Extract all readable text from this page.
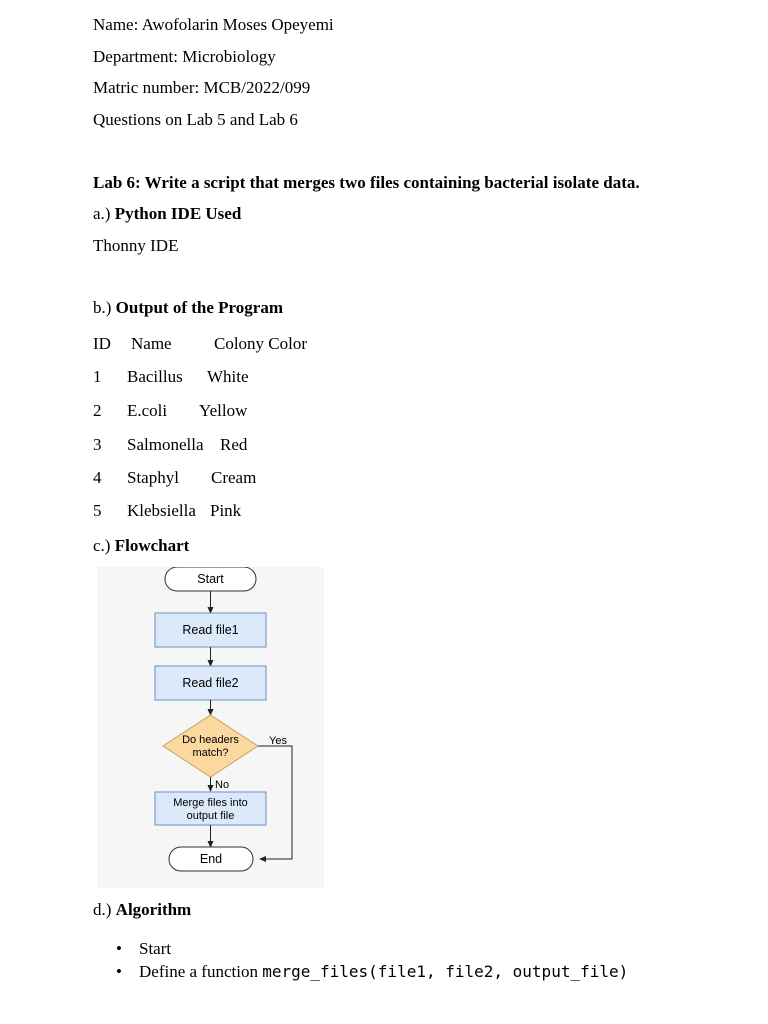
Name: Awofolarin Moses Opeyemi
Department: Microbiology
Matric number: MCB/2022/099
Questions on Lab 5 and Lab 6
Lab 6: Write a script that merges two files containing bacterial isolate data.
a.) Python IDE Used
Thonny IDE
b.) Output of the Program
ID Name Colony Color
1 Bacillus White
2 E.coli Yellow
3 Salmonella Red
4 Staphyl Cream
5 Klebsiella Pink
c.) Flowchart
Start
Read file1
Read file2
Do headers
match?
Yes
No
Merge files into
output file
End
d.) Algorithm
• Start
• Define a function merge_files(file1, file2, output_file)
